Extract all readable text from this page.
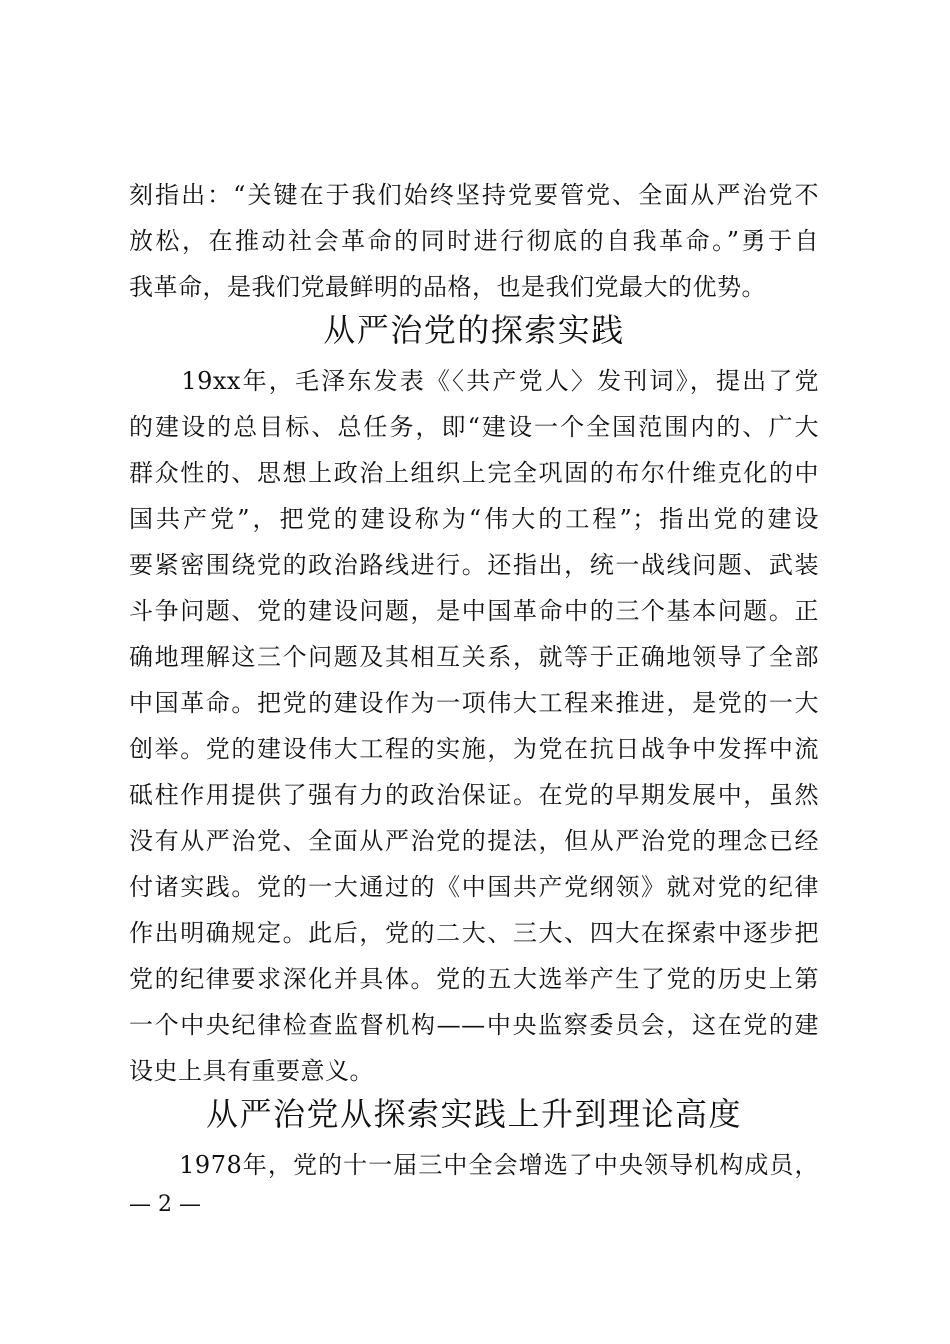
刻指出：“关键在于我们始终坚持党要管党、全面从严治党不
放松，在推动社会革命的同时进行彻底的自我革命。”勇于自
我革命，是我们党最鲜明的品格，也是我们党最大的优势。
从严治党的探索实践
　　19xx年，毛泽东发表《〈共产党人〉发刊词》，提出了党
的建设的总目标、总任务，即“建设一个全国范围内的、广大
群众性的、思想上政治上组织上完全巩固的布尔什维克化的中
国共产党”，把党的建设称为“伟大的工程”；指出党的建设
要紧密围绕党的政治路线进行。还指出，统一战线问题、武装
斗争问题、党的建设问题，是中国革命中的三个基本问题。正
确地理解这三个问题及其相互关系，就等于正确地领导了全部
中国革命。把党的建设作为一项伟大工程来推进，是党的一大
创举。党的建设伟大工程的实施，为党在抗日战争中发挥中流
砥柱作用提供了强有力的政治保证。在党的早期发展中，虽然
没有从严治党、全面从严治党的提法，但从严治党的理念已经
付诸实践。党的一大通过的《中国共产党纲领》就对党的纪律
作出明确规定。此后，党的二大、三大、四大在探索中逐步把
党的纪律要求深化并具体。党的五大选举产生了党的历史上第
一个中央纪律检查监督机构——中央监察委员会，这在党的建
设史上具有重要意义。
从严治党从探索实践上升到理论高度
　　1978年，党的十一届三中全会增选了中央领导机构成员，
— 2 —
